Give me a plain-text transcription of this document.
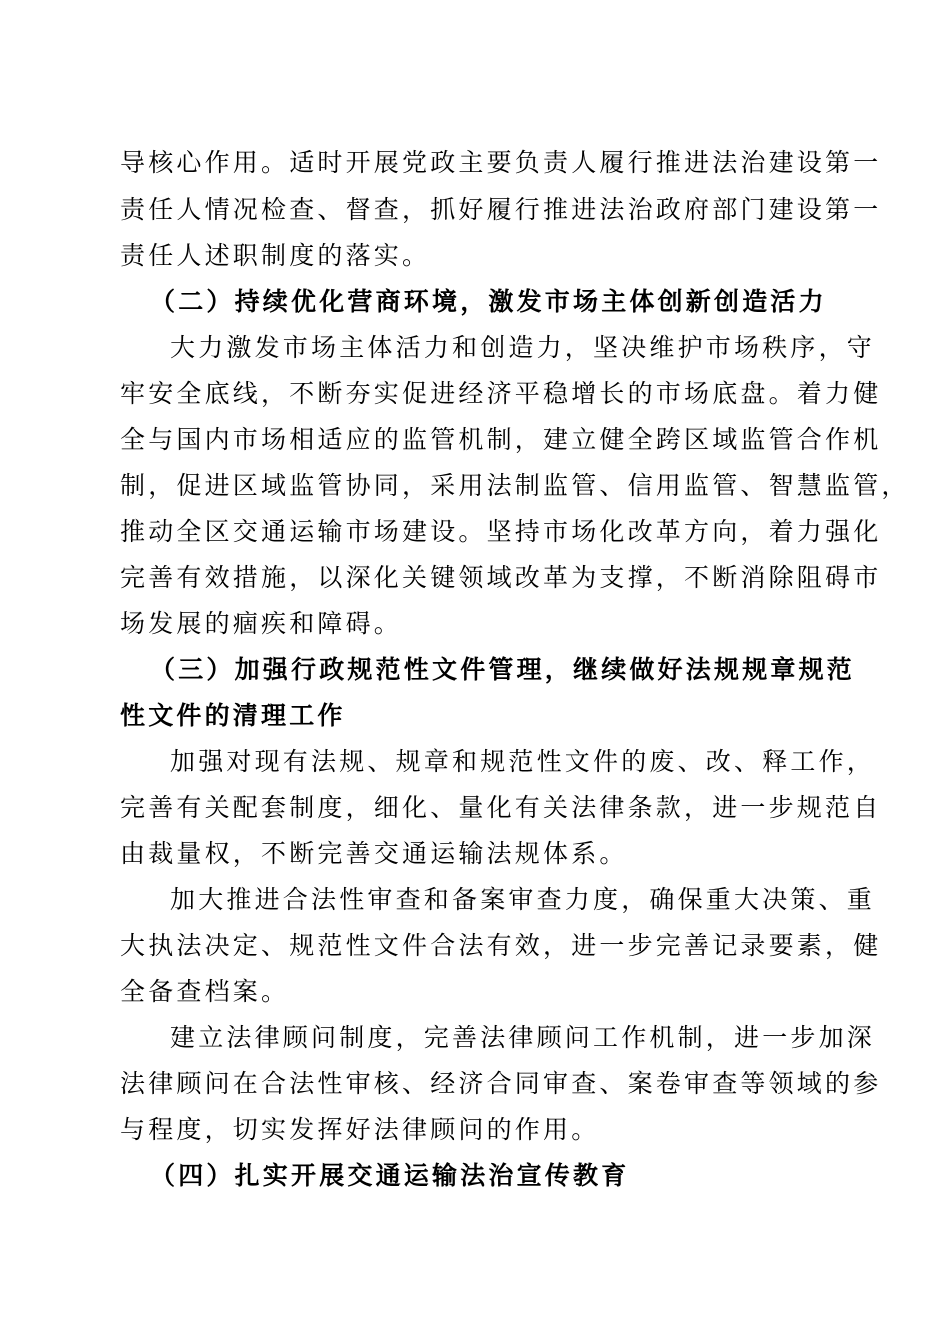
导核心作用。适时开展党政主要负责人履行推进法治建设第一
责任人情况检查、督查，抓好履行推进法治政府部门建设第一
责任人述职制度的落实。
（二）持续优化营商环境，激发市场主体创新创造活力
大力激发市场主体活力和创造力，坚决维护市场秩序，守
牢安全底线，不断夯实促进经济平稳增长的市场底盘。着力健
全与国内市场相适应的监管机制，建立健全跨区域监管合作机
制，促进区域监管协同，采用法制监管、信用监管、智慧监管，
推动全区交通运输市场建设。坚持市场化改革方向，着力强化
完善有效措施，以深化关键领域改革为支撑，不断消除阻碍市
场发展的痼疾和障碍。
（三）加强行政规范性文件管理，继续做好法规规章规范
性文件的清理工作
加强对现有法规、规章和规范性文件的废、改、释工作，
完善有关配套制度，细化、量化有关法律条款，进一步规范自
由裁量权，不断完善交通运输法规体系。
加大推进合法性审查和备案审查力度，确保重大决策、重
大执法决定、规范性文件合法有效，进一步完善记录要素，健
全备查档案。
建立法律顾问制度，完善法律顾问工作机制，进一步加深
法律顾问在合法性审核、经济合同审查、案卷审查等领域的参
与程度，切实发挥好法律顾问的作用。
（四）扎实开展交通运输法治宣传教育
